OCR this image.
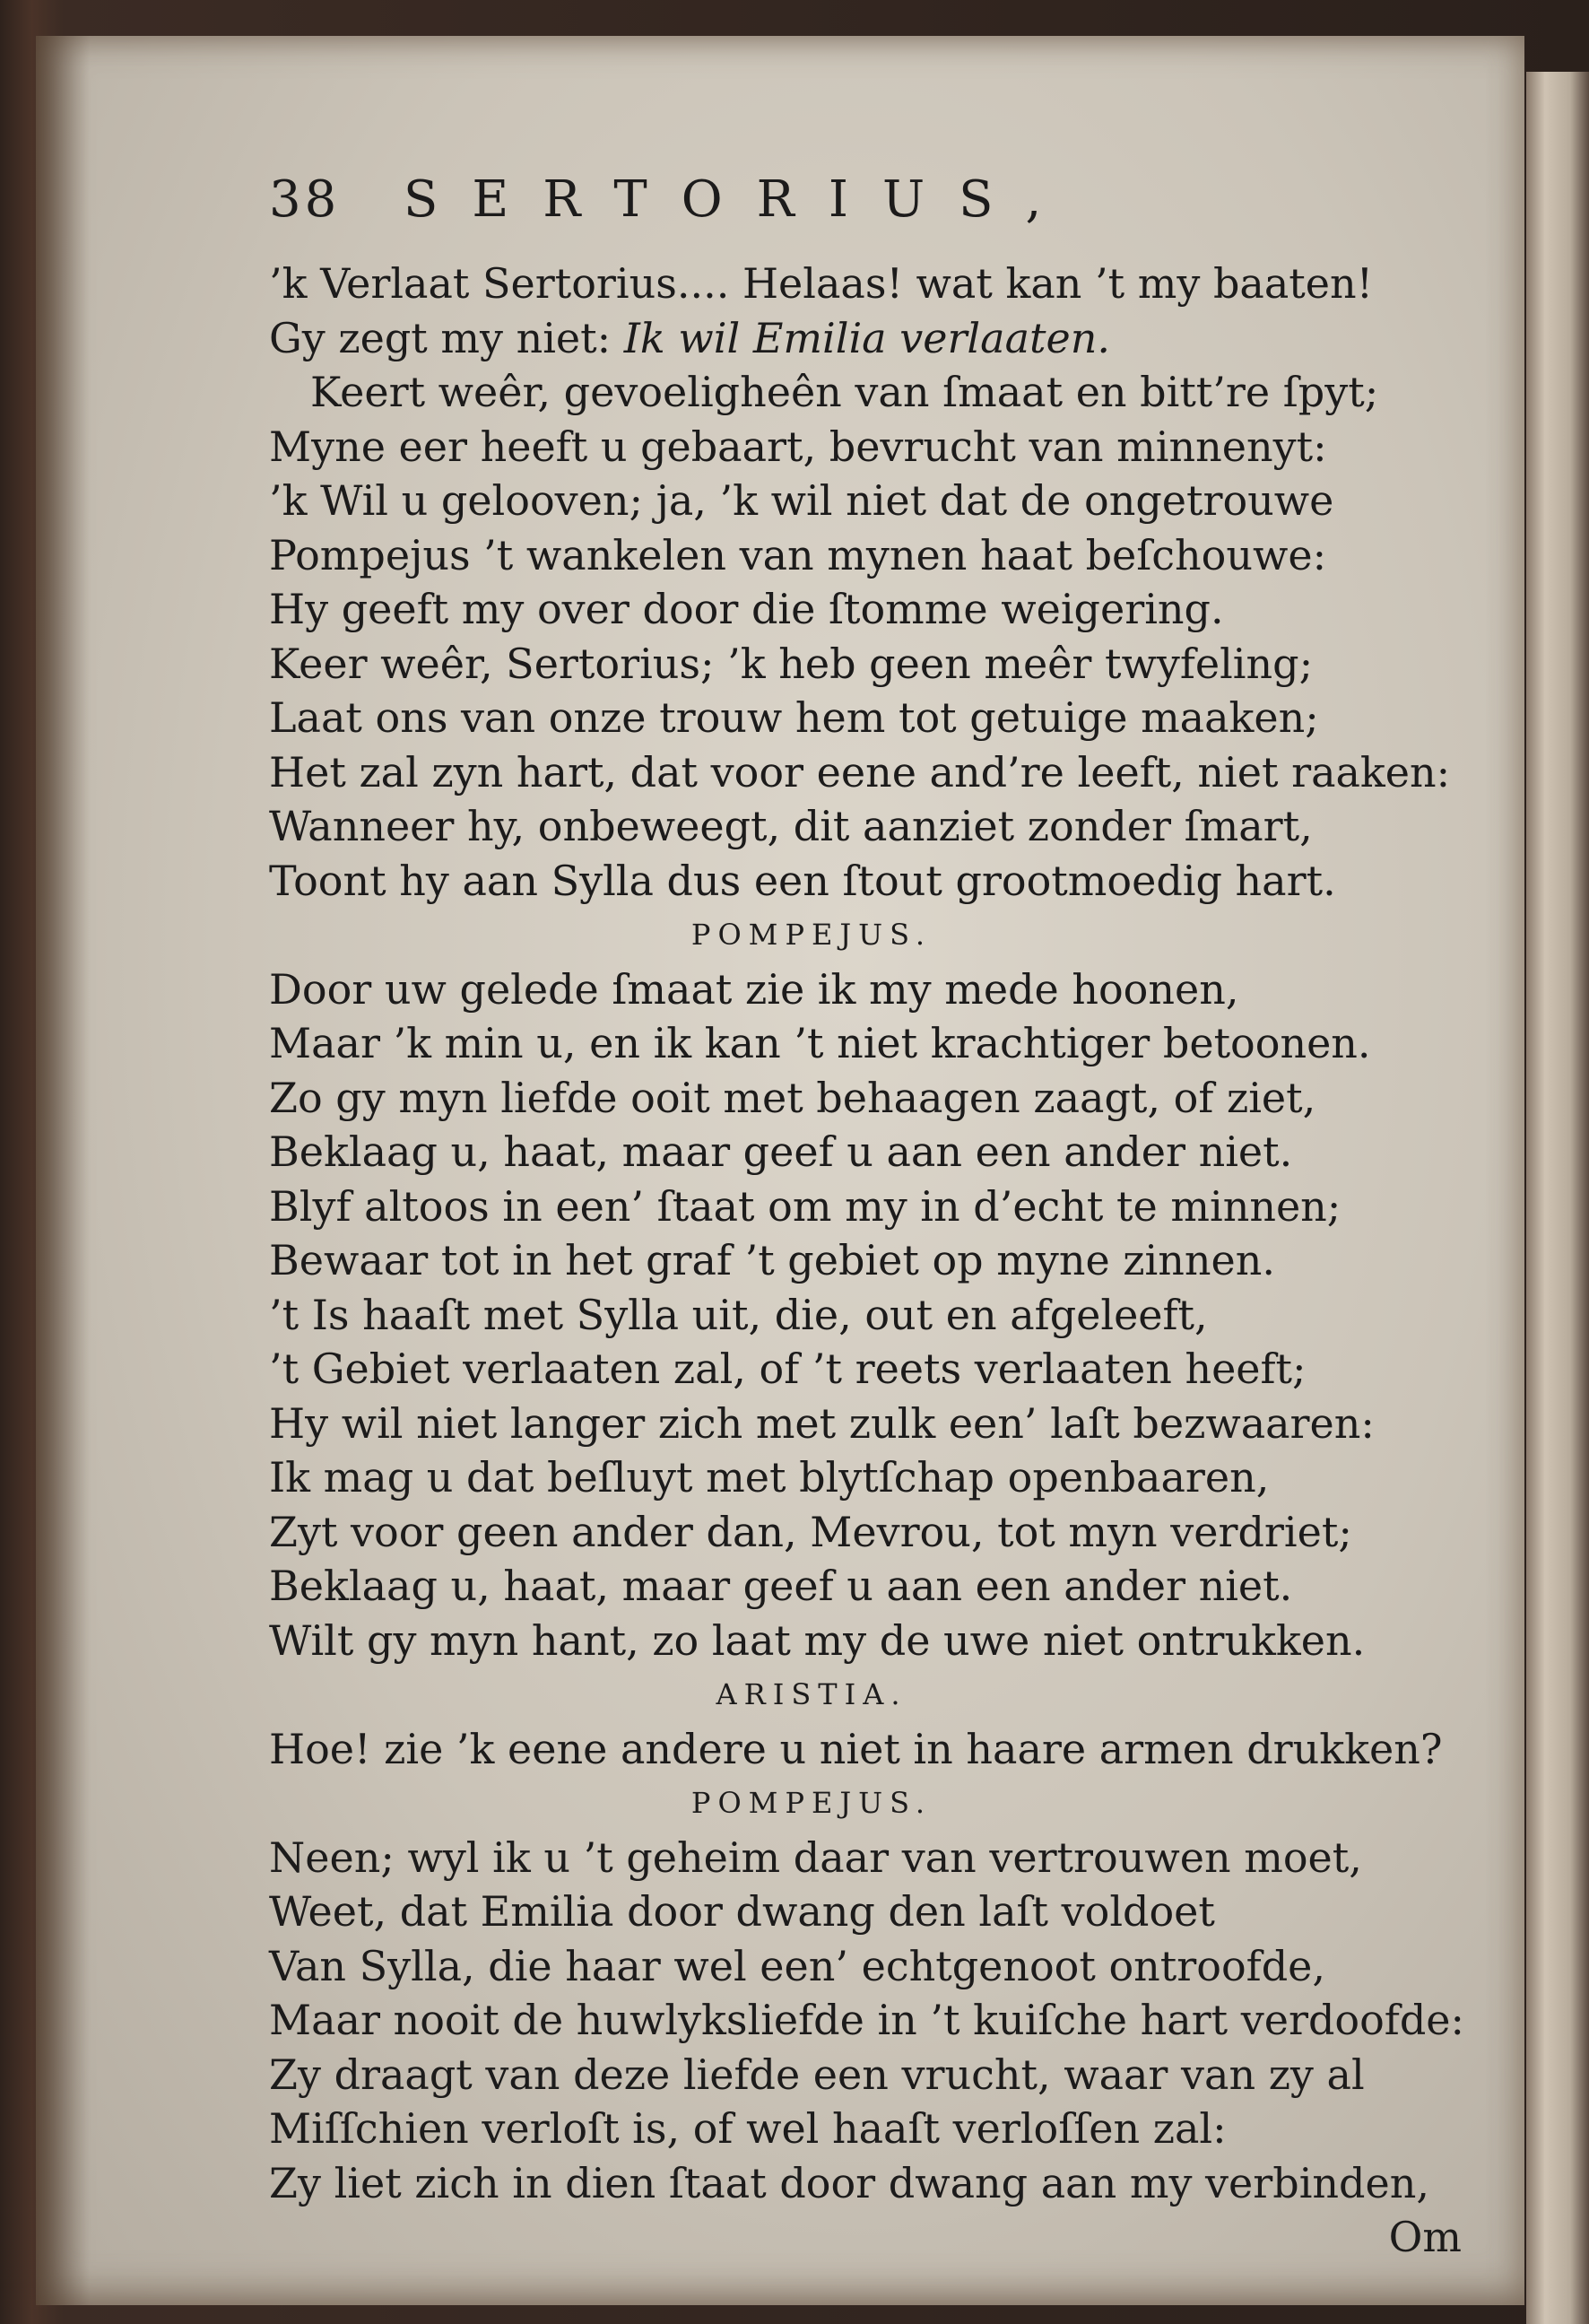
38	SERTORIUS,
’k Verlaat Sertorius.... Helaas! wat kan ’t my baaten!
Gy zegt my niet: Ik wil Emilia verlaaten.
Keert weêr, gevoeligheên van ſmaat en bitt’re ſpyt;
Myne eer heeft u gebaart, bevrucht van minnenyt:
’k Wil u gelooven; ja, ’k wil niet dat de ongetrouwe
Pompejus ’t wankelen van mynen haat beſchouwe:
Hy geeft my over door die ſtomme weigering.
Keer weêr, Sertorius; ’k heb geen meêr twyfeling;
Laat ons van onze trouw hem tot getuige maaken;
Het zal zyn hart, dat voor eene and’re leeft, niet raaken:
Wanneer hy, onbeweegt, dit aanziet zonder ſmart,
Toont hy aan Sylla dus een ſtout grootmoedig hart.
POMPEJUS.
Door uw gelede ſmaat zie ik my mede hoonen,
Maar ’k min u, en ik kan ’t niet krachtiger betoonen.
Zo gy myn liefde ooit met behaagen zaagt, of ziet,
Beklaag u, haat, maar geef u aan een ander niet.
Blyf altoos in een’ ſtaat om my in d’echt te minnen;
Bewaar tot in het graf ’t gebiet op myne zinnen.
’t Is haaſt met Sylla uit, die, out en afgeleeft,
’t Gebiet verlaaten zal, of ’t reets verlaaten heeft;
Hy wil niet langer zich met zulk een’ laſt bezwaaren:
Ik mag u dat beſluyt met blytſchap openbaaren,
Zyt voor geen ander dan, Mevrou, tot myn verdriet;
Beklaag u, haat, maar geef u aan een ander niet.
Wilt gy myn hant, zo laat my de uwe niet ontrukken.
ARISTIA.
Hoe! zie ’k eene andere u niet in haare armen drukken?
POMPEJUS.
Neen; wyl ik u ’t geheim daar van vertrouwen moet,
Weet, dat Emilia door dwang den laſt voldoet
Van Sylla, die haar wel een’ echtgenoot ontroofde,
Maar nooit de huwlyksliefde in ’t kuiſche hart verdoofde:
Zy draagt van deze liefde een vrucht, waar van zy al
Miſſchien verloſt is, of wel haaſt verloſſen zal:
Zy liet zich in dien ſtaat door dwang aan my verbinden,
Om
